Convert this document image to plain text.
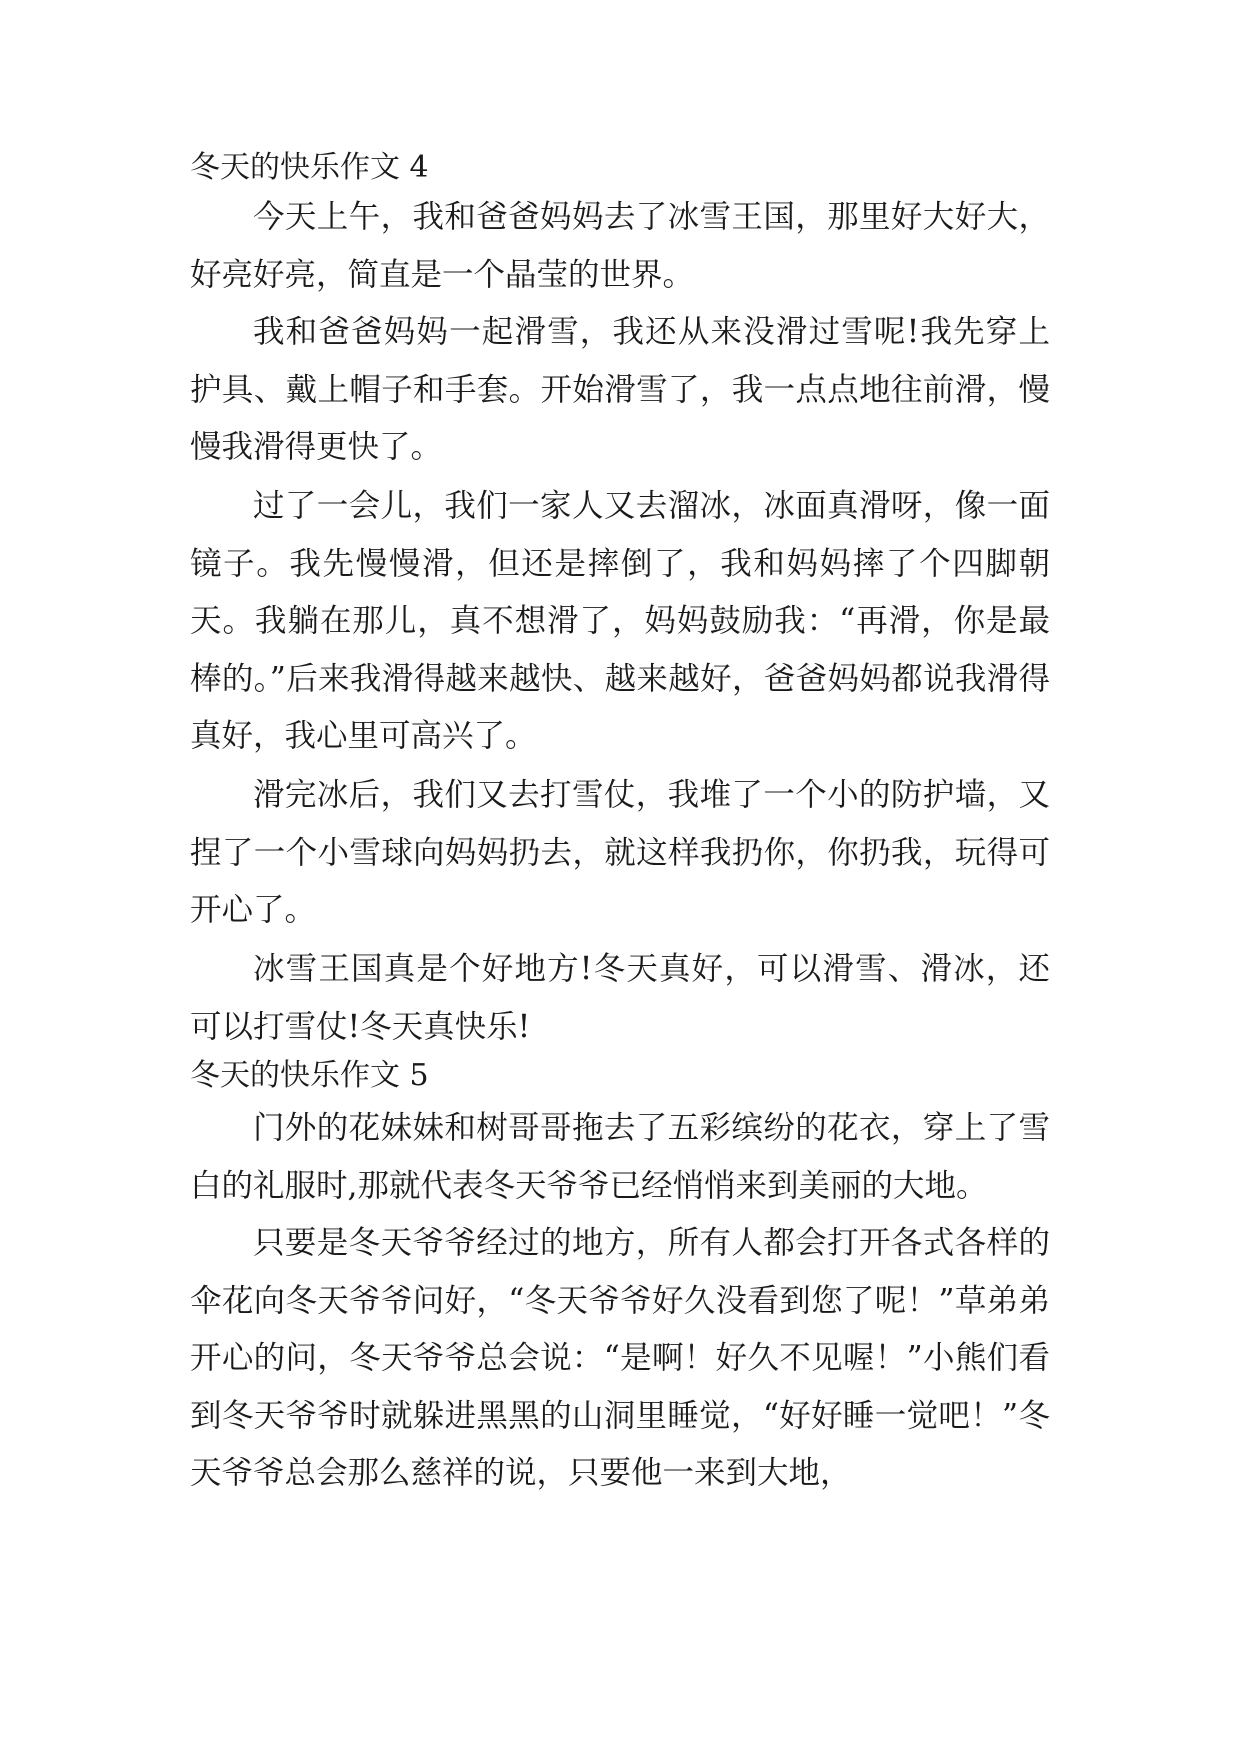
冬天的快乐作文 4

今天上午，我和爸爸妈妈去了冰雪王国，那里好大好大，好亮好亮，简直是一个晶莹的世界。

我和爸爸妈妈一起滑雪，我还从来没滑过雪呢!我先穿上护具、戴上帽子和手套。开始滑雪了，我一点点地往前滑，慢慢我滑得更快了。

过了一会儿，我们一家人又去溜冰，冰面真滑呀，像一面镜子。我先慢慢滑，但还是摔倒了，我和妈妈摔了个四脚朝天。我躺在那儿，真不想滑了，妈妈鼓励我：“再滑，你是最棒的。”后来我滑得越来越快、越来越好，爸爸妈妈都说我滑得真好，我心里可高兴了。

滑完冰后，我们又去打雪仗，我堆了一个小的防护墙，又捏了一个小雪球向妈妈扔去，就这样我扔你，你扔我，玩得可开心了。

冰雪王国真是个好地方!冬天真好，可以滑雪、滑冰，还可以打雪仗!冬天真快乐!

冬天的快乐作文 5

门外的花妹妹和树哥哥拖去了五彩缤纷的花衣，穿上了雪白的礼服时,那就代表冬天爷爷已经悄悄来到美丽的大地。

只要是冬天爷爷经过的地方，所有人都会打开各式各样的伞花向冬天爷爷问好，“冬天爷爷好久没看到您了呢！”草弟弟开心的问，冬天爷爷总会说：“是啊！好久不见喔！”小熊们看到冬天爷爷时就躲进黑黑的山洞里睡觉，“好好睡一觉吧！”冬天爷爷总会那么慈祥的说，只要他一来到大地，
